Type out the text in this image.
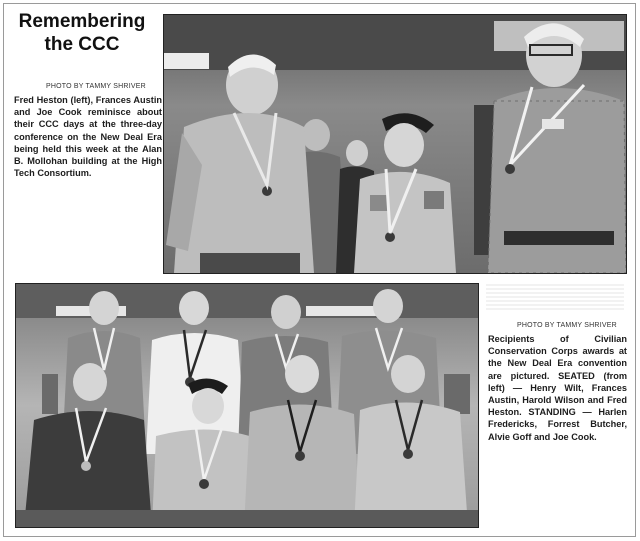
Remembering the CCC
PHOTO BY TAMMY SHRIVER
Fred Heston (left), Frances Austin and Joe Cook reminisce about their CCC days at the three-day conference on the New Deal Era being held this week at the Alan B. Mollohan building at the High Tech Consortium.
PHOTO BY TAMMY SHRIVER
Recipients of Civilian Conservation Corps awards at the New Deal Era convention are pictured. SEATED (from left) — Henry Wilt, Frances Austin, Harold Wilson and Fred Heston. STANDING — Harlen Fredericks, Forrest Butcher, Alvie Goff and Joe Cook.
